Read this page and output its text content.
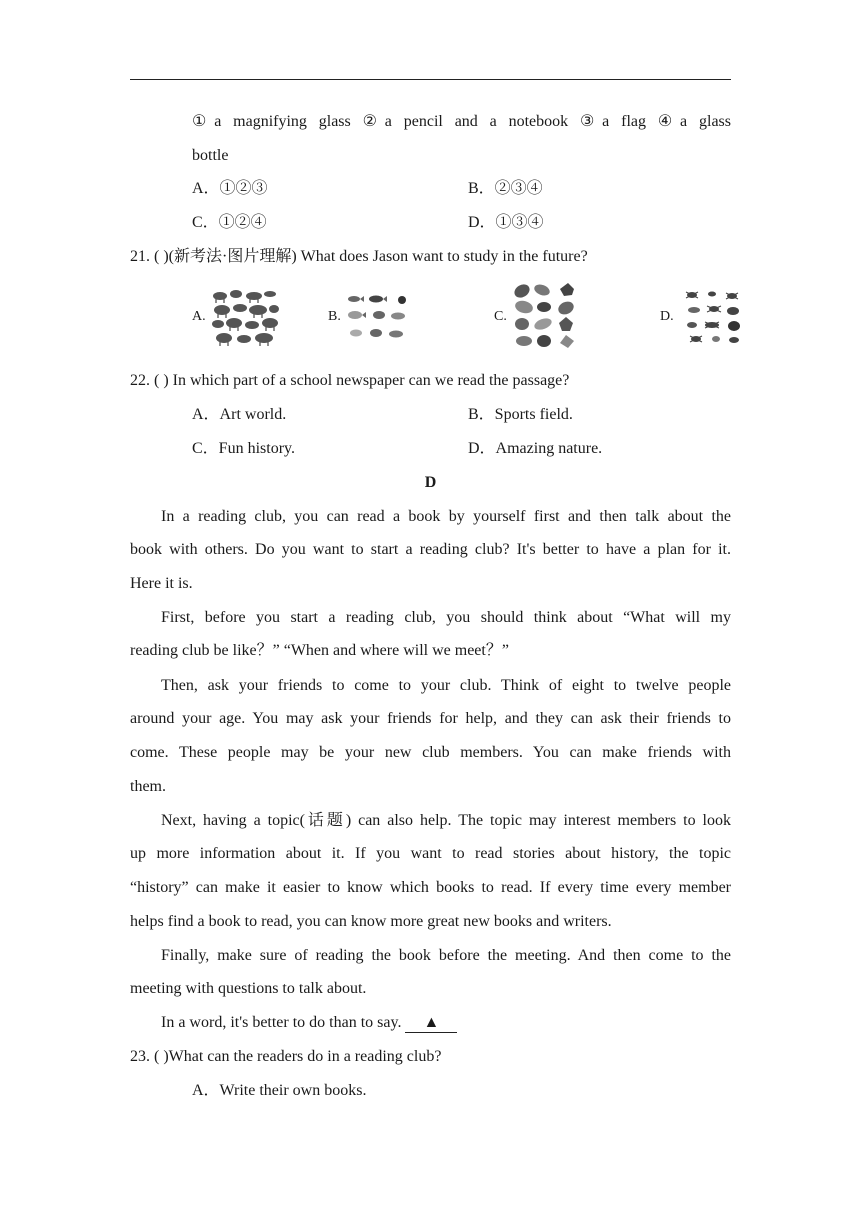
①a magnifying glass ②a pencil and a notebook ③a flag ④a glass
bottle
A．①②③	B．②③④
C．①②④	D．①③④
21. ( )(新考法·图片理解) What does Jason want to study in the future?
A.	B.	C.	D.
22. ( ) In which part of a school newspaper can we read the passage?
A．Art world.	B．Sports field.
C．Fun history.	D．Amazing nature.
D
In a reading club, you can read a book by yourself first and then talk about the
book with others. Do you want to start a reading club? It's better to have a plan for it.
Here it is.
First, before you start a reading club, you should think about “What will my
reading club be like？” “When and where will we meet？”
Then, ask your friends to come to your club. Think of eight to twelve people
around your age. You may ask your friends for help, and they can ask their friends to
come. These people may be your new club members. You can make friends with
them.
Next, having a topic(话题) can also help. The topic may interest members to look
up more information about it. If you want to read stories about history, the topic
“history” can make it easier to know which books to read. If every time every member
helps find a book to read, you can know more great new books and writers.
Finally, make sure of reading the book before the meeting. And then come to the
meeting with questions to talk about.
In a word, it's better to do than to say. ▲
23. ( )What can the readers do in a reading club?
A．Write their own books.
